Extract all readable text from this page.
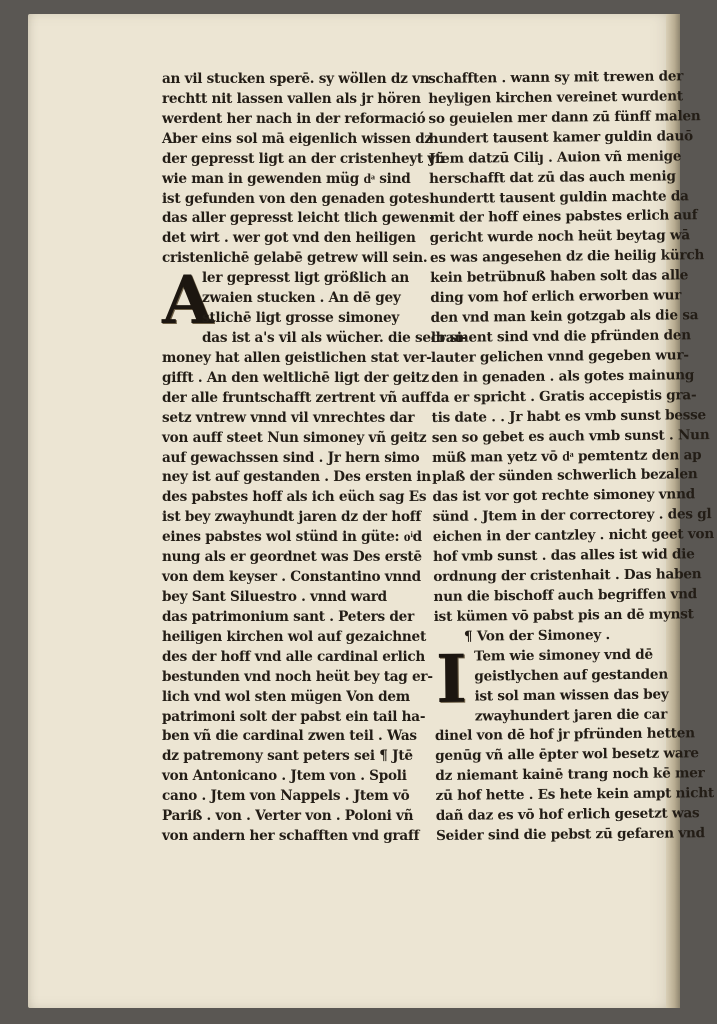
an vil stucken sperē. sy wöllen dz vn
rechtt nit lassen vallen als jr hören
werdent her nach in der reformació
Aber eins sol mā eigenlich wissen dz
der gepresst ligt an der cristenheyt vñ
wie man in gewenden müg dͣ sind
ist gefunden von den genaden gotes
das aller gepresst leicht tlich gewen-
det wirt . wer got vnd den heiligen
cristenlichē gelabē getrew will sein.
A
ler gepresst ligt größlich an
zwaien stucken . An dē gey
stlichē ligt grosse simoney
das ist a's vil als wücher. die selb si-
money hat allen geistlichen stat ver-
gifft . An den weltlichē ligt der geitz
der alle fruntschafft zertrent vñ auff
setz vntrew vnnd vil vnrechtes dar
von auff steet Nun simoney vñ geitz
auf gewachssen sind . Jr hern simo
ney ist auf gestanden . Des ersten in
des pabstes hoff als ich eüch sag Es
ist bey zwayhundt jaren dz der hoff
eines pabstes wol stünd in güte: oͥd
nung als er geordnet was Des erstē
von dem keyser . Constantino vnnd
bey Sant Siluestro . vnnd ward
das patrimonium sant . Peters der
heiligen kirchen wol auf gezaichnet
des der hoff vnd alle cardinal erlich
bestunden vnd noch heüt bey tag er-
lich vnd wol sten mügen Von dem
patrimoni solt der pabst ein tail ha-
ben vñ die cardinal zwen teil . Was
dz patremony sant peters sei ¶ Jtē
von Antonicano . Jtem von . Spoli
cano . Jtem von Nappels . Jtem vō
Pariß . von . Verter von . Poloni vñ
von andern her schafften vnd graff
schafften . wann sy mit trewen der
heyligen kirchen vereinet wurdent
so geuielen mer dann zū fünff malen
hundert tausent kamer guldin dauō
Jtem datzū Ciliȷ . Auion vñ menige
herschafft dat zū das auch menig
hundertt tausent guldin machte da
mit der hoff eines pabstes erlich auf
gericht wurde noch heüt beytag wā
es was angesehen dz die heilig kürch
kein betrübnuß haben solt das alle
ding vom hof erlich erworben wur
den vnd man kein gotzgab als die sa
crament sind vnd die pfründen den
lauter gelichen vnnd gegeben wur-
den in genaden . als gotes mainung
da er spricht . Gratis accepistis gra-
tis date . . Jr habt es vmb sunst besse
sen so gebet es auch vmb sunst . Nun
müß man yetz vō dͣ pemtentz den ap
plaß der sünden schwerlich bezalen
das ist vor got rechte simoney vnnd
sünd . Jtem in der correctorey . des gl
eichen in der cantzley . nicht geet von
hof vmb sunst . das alles ist wid die
ordnung der cristenhait . Das haben
nun die bischoff auch begriffen vnd
ist kümen vō pabst pis an dē mynst
¶ Von der Simoney .
I Tem wie simoney vnd dē
geistlychen auf gestanden
ist sol man wissen das bey
zwayhundert jaren die car
dinel von dē hof jr pfründen hetten
genūg vñ alle ēpter wol besetz ware
dz niemant kainē trang noch kē mer
zū hof hette . Es hete kein ampt nicht
dañ daz es vō hof erlich gesetzt was
Seider sind die pebst zū gefaren vnd
